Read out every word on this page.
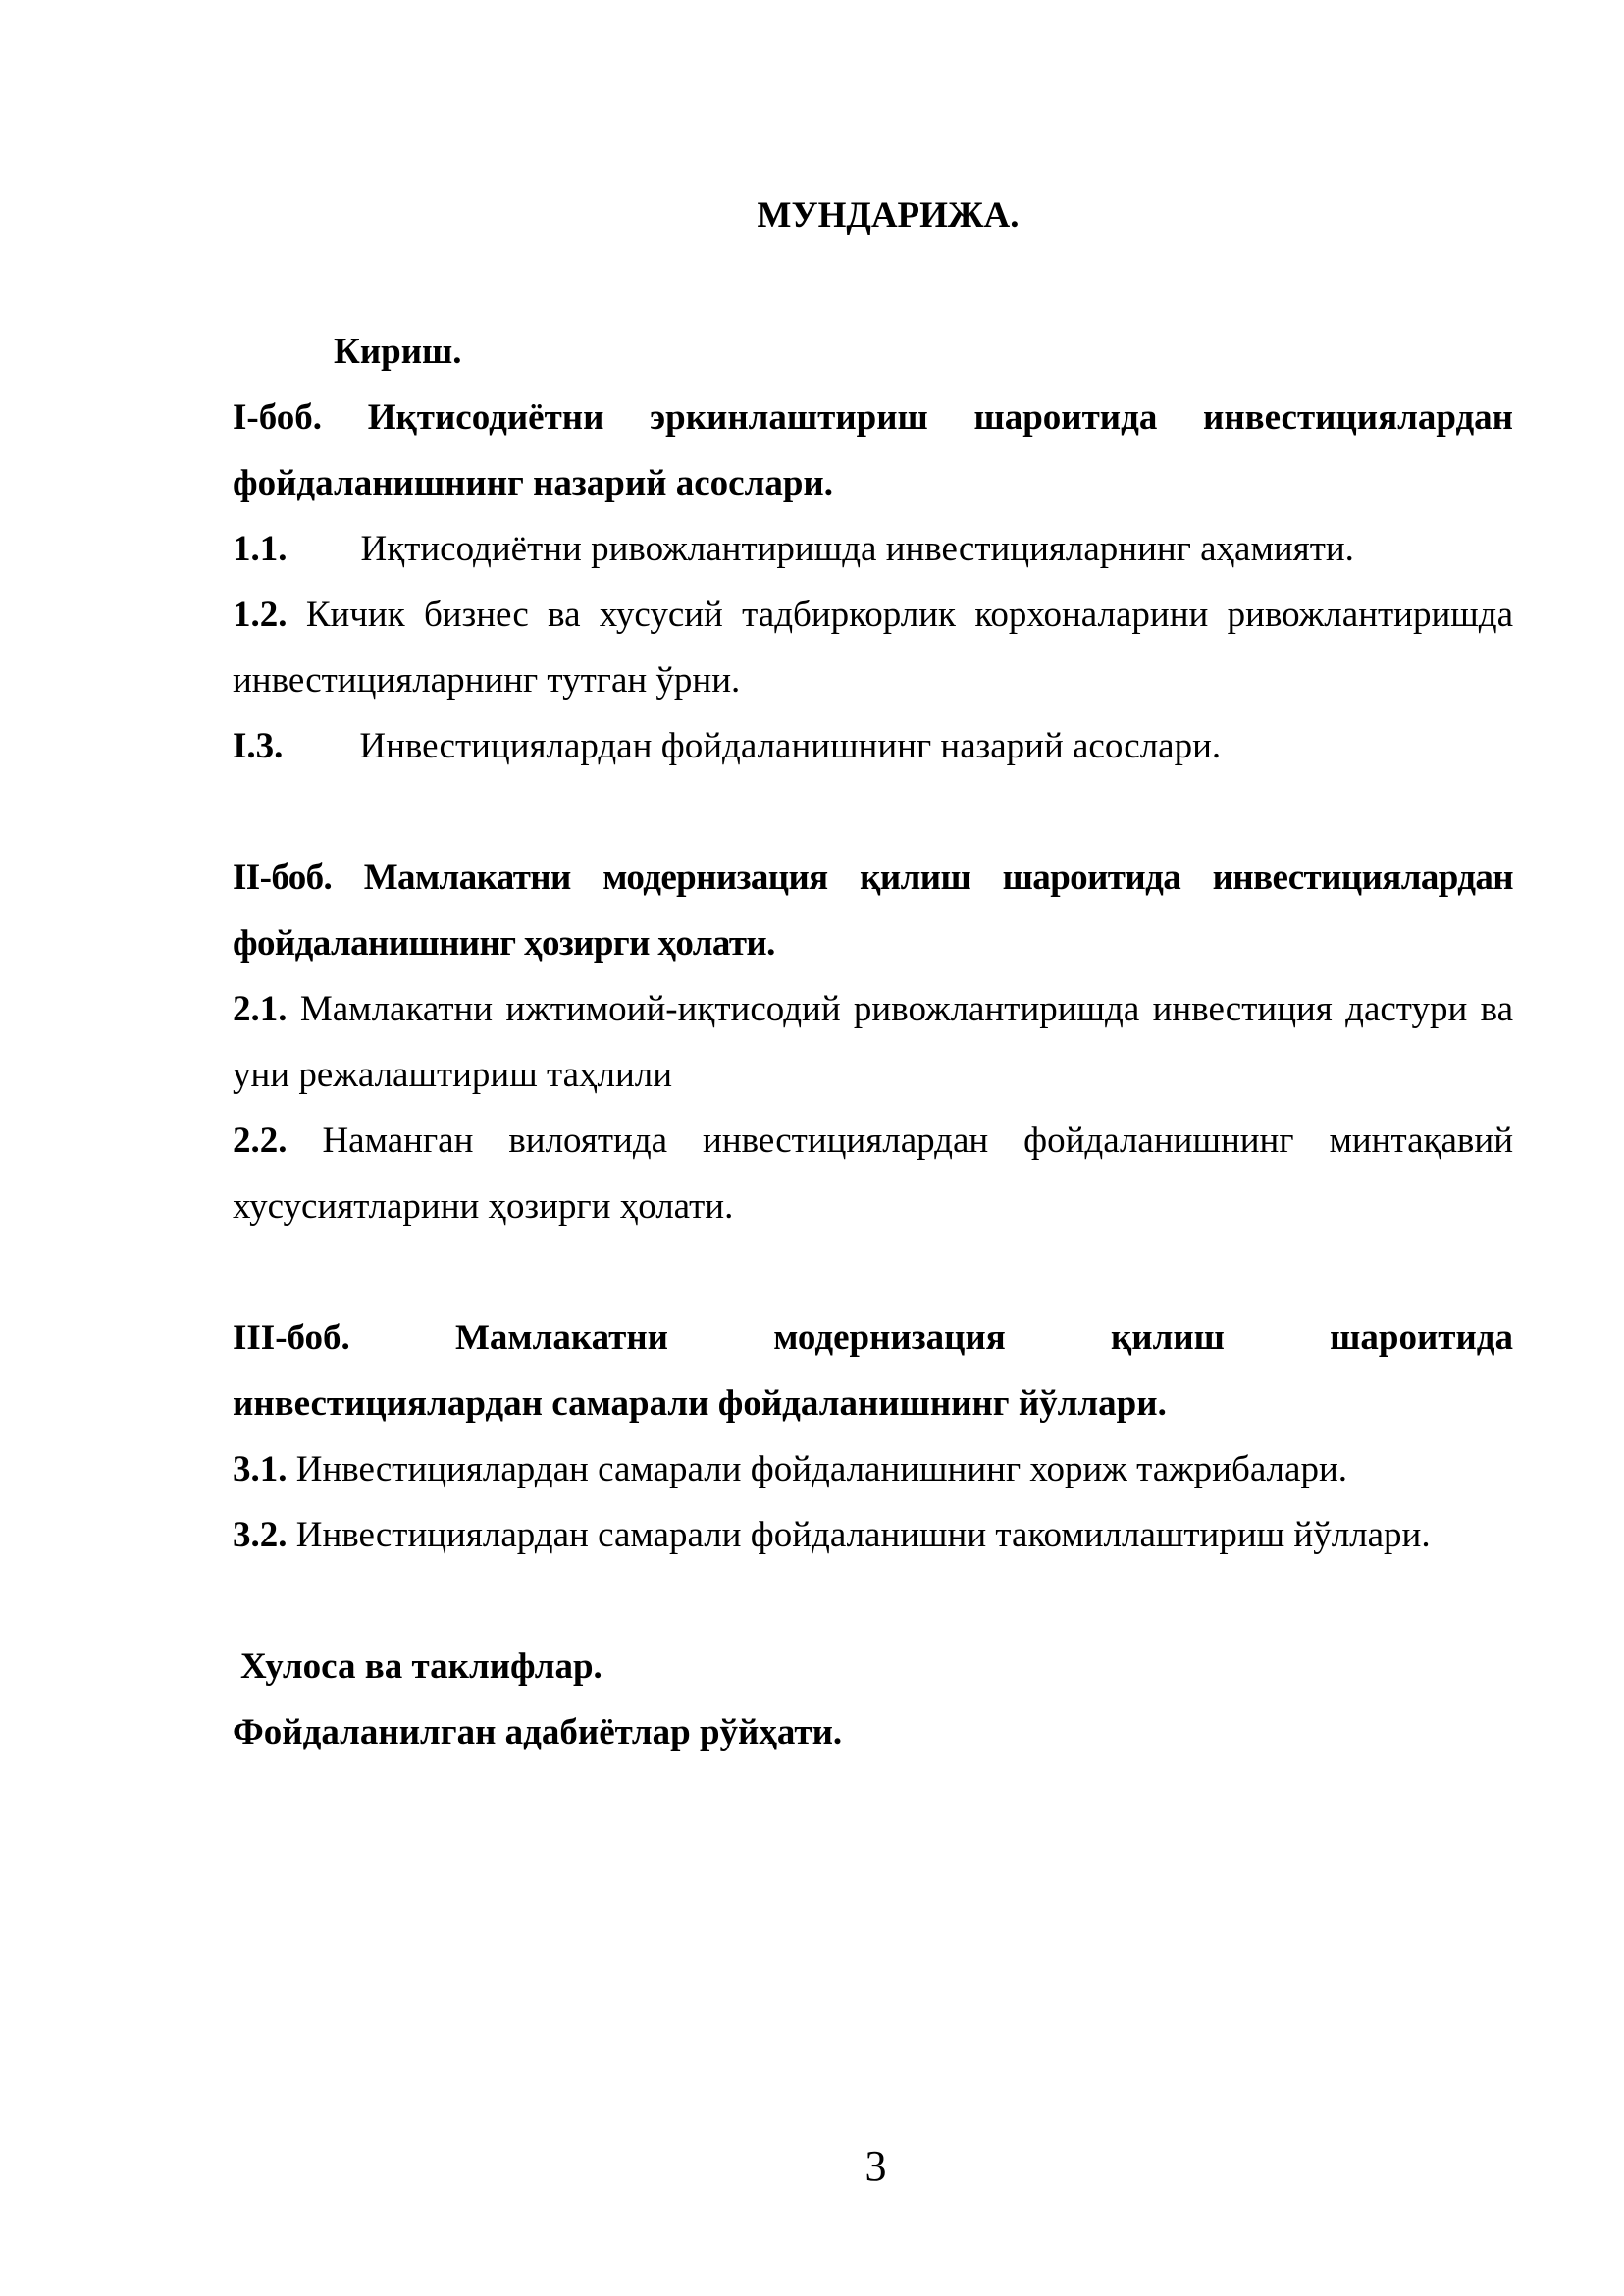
МУНДАРИЖА.

Кириш.

I-боб. Иқтисодиётни эркинлаштириш шароитида инвестициялардан фойдаланишнинг назарий асослари.

1.1. Иқтисодиётни ривожлантиришда инвестицияларнинг аҳамияти.

1.2. Кичик бизнес ва хусусий тадбиркорлик корхоналарини ривожлантиришда инвестицияларнинг тутган ўрни.

I.3. Инвестициялардан фойдаланишнинг назарий асослари.

II-боб. Мамлакатни модернизация қилиш шароитида инвестициялардан фойдаланишнинг ҳозирги ҳолати.

2.1. Мамлакатни ижтимоий-иқтисодий ривожлантиришда инвестиция дастури ва уни режалаштириш таҳлили

2.2. Наманган вилоятида инвестициялардан фойдаланишнинг минтақавий хусусиятларини ҳозирги ҳолати.

III-боб. Мамлакатни модернизация қилиш шароитида

инвестициялардан самарали фойдаланишнинг йўллари.

3.1. Инвестициялардан самарали фойдаланишнинг хориж тажрибалари.

3.2. Инвестициялардан самарали фойдаланишни такомиллаштириш йўллари.

Хулоса ва таклифлар.

Фойдаланилган адабиётлар рўйҳати.

3
